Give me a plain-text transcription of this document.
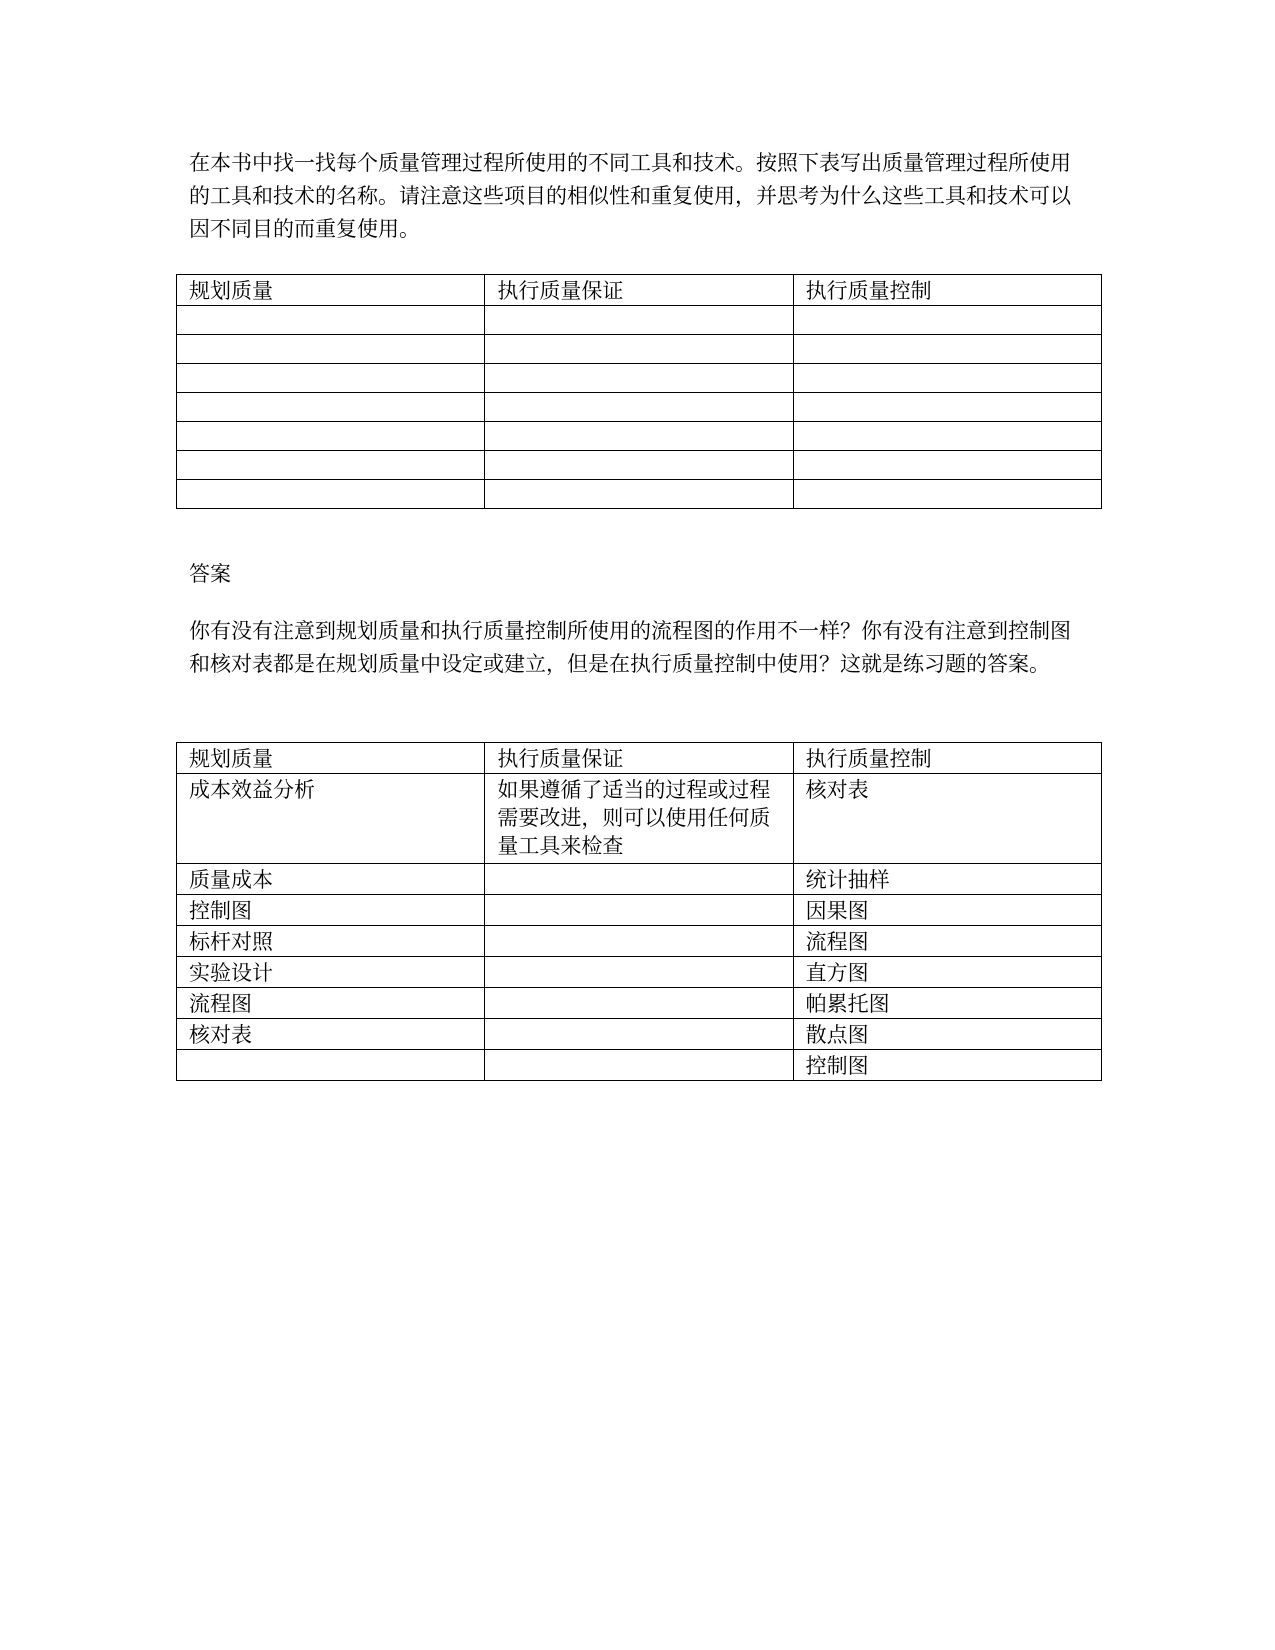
在本书中找一找每个质量管理过程所使用的不同工具和技术。按照下表写出质量管理过程所使用的工具和技术的名称。请注意这些项目的相似性和重复使用，并思考为什么这些工具和技术可以因不同目的而重复使用。

规划质量	执行质量保证	执行质量控制

答案

你有没有注意到规划质量和执行质量控制所使用的流程图的作用不一样？你有没有注意到控制图和核对表都是在规划质量中设定或建立，但是在执行质量控制中使用？这就是练习题的答案。

规划质量	执行质量保证	执行质量控制
成本效益分析	如果遵循了适当的过程或过程需要改进，则可以使用任何质量工具来检查	核对表
质量成本		统计抽样
控制图		因果图
标杆对照		流程图
实验设计		直方图
流程图		帕累托图
核对表		散点图
		控制图
